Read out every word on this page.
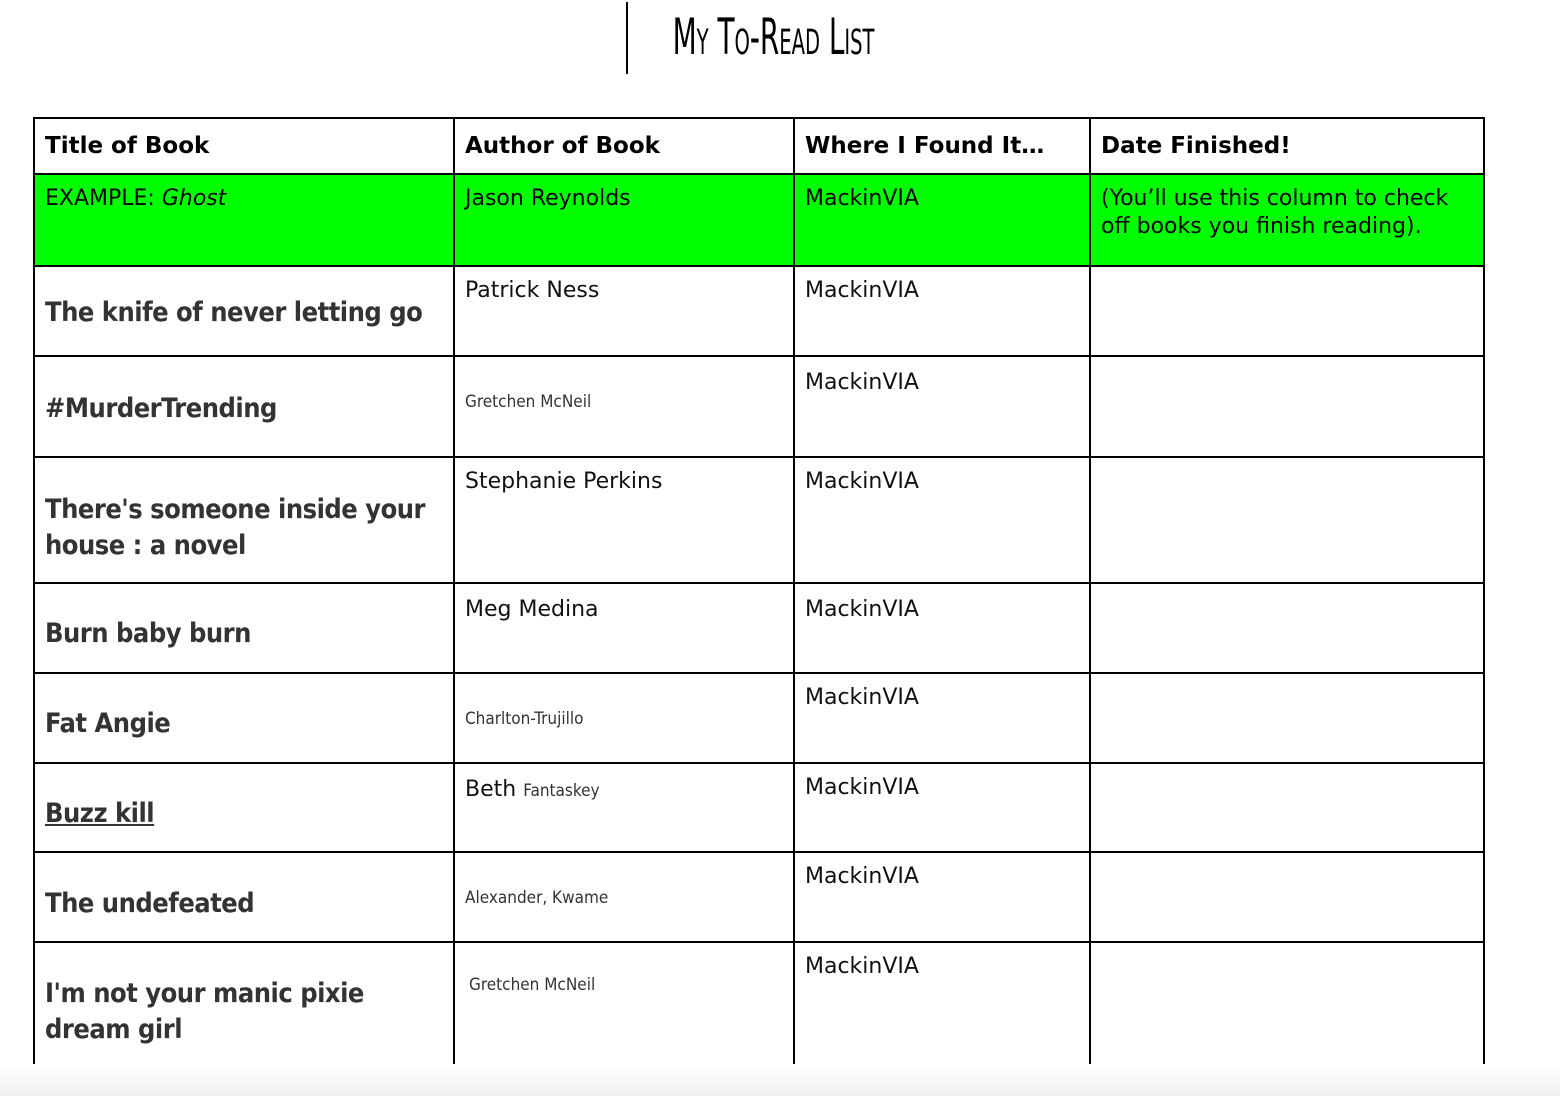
My To-Read List
Title of Book	Author of Book	Where I Found It…	Date Finished!
EXAMPLE: Ghost	Jason Reynolds	MackinVIA	(You’ll use this column to check off books you finish reading).

The knife of never letting go	Patrick Ness	MackinVIA	

#MurderTrending	Gretchen McNeil	MackinVIA	

There's someone inside your house : a novel	Stephanie Perkins	MackinVIA	

Burn baby burn	Meg Medina	MackinVIA	

Fat Angie	Charlton-Trujillo	MackinVIA	

Buzz kill	Beth Fantaskey	MackinVIA	

The undefeated	Alexander, Kwame	MackinVIA	

I'm not your manic pixie dream girl	Gretchen McNeil	MackinVIA	
